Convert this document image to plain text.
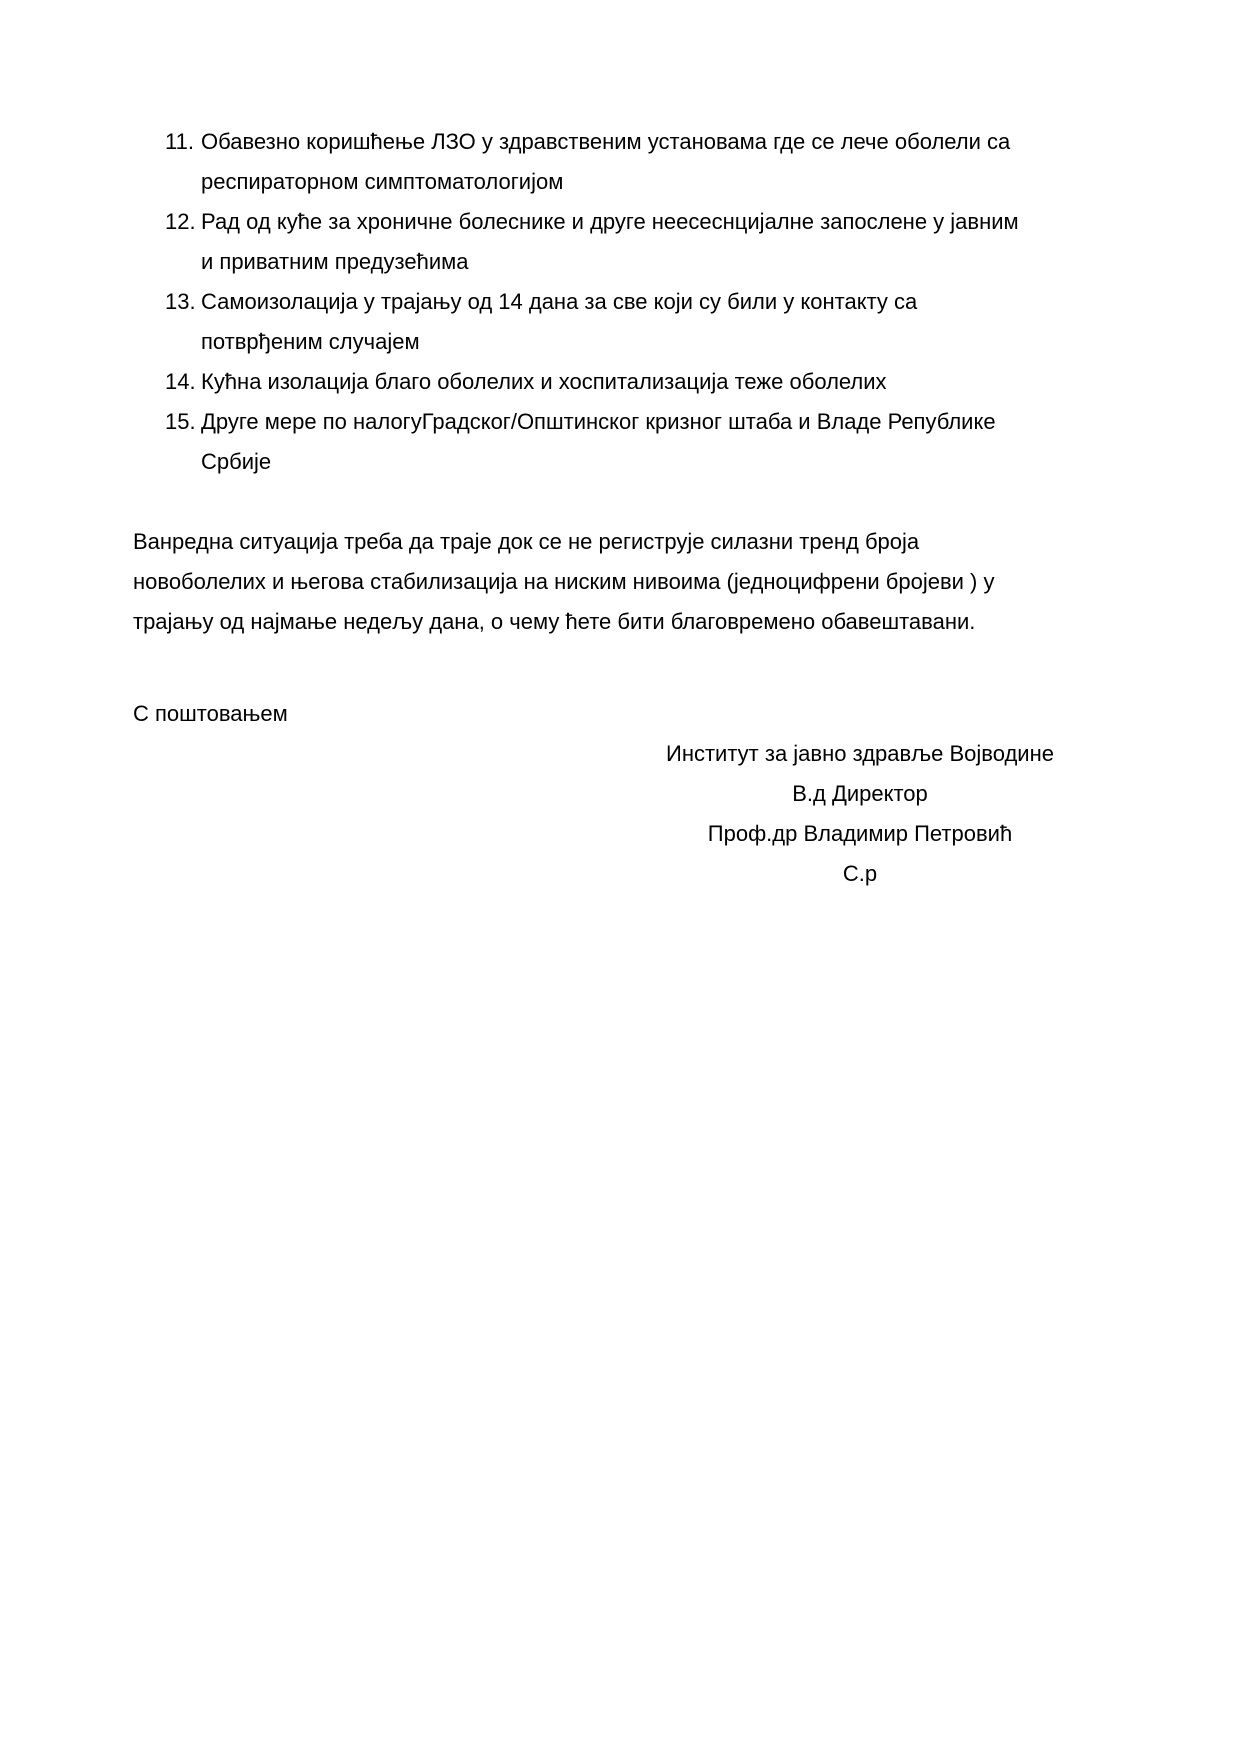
11. Обавезно коришћење ЛЗО у здравственим установама где се лече оболели са
респираторном симптоматологијом
12. Рад од куће за хроничне болеснике и друге неесеснцијалне запослене у јавним
и приватним предузећима
13. Самоизолација у трајању од 14 дана за све који су били у контакту са
потврђеним случајем
14. Кућна изолација благо оболелих и хоспитализација теже оболелих
15. Друге мере по налогуГрадског/Општинског кризног штаба и Владе Републике
Србије
Ванредна ситуација треба да траје док се не региструје силазни тренд броја
новоболелих и његова стабилизација на ниским нивоима (једноцифрени бројеви ) у
трајању од најмање недељу дана, о чему ћете бити благовремено обавештавани.
С поштовањем
Институт за јавно здравље Војводине
В.д Директор
Проф.др Владимир Петровић
С.р
